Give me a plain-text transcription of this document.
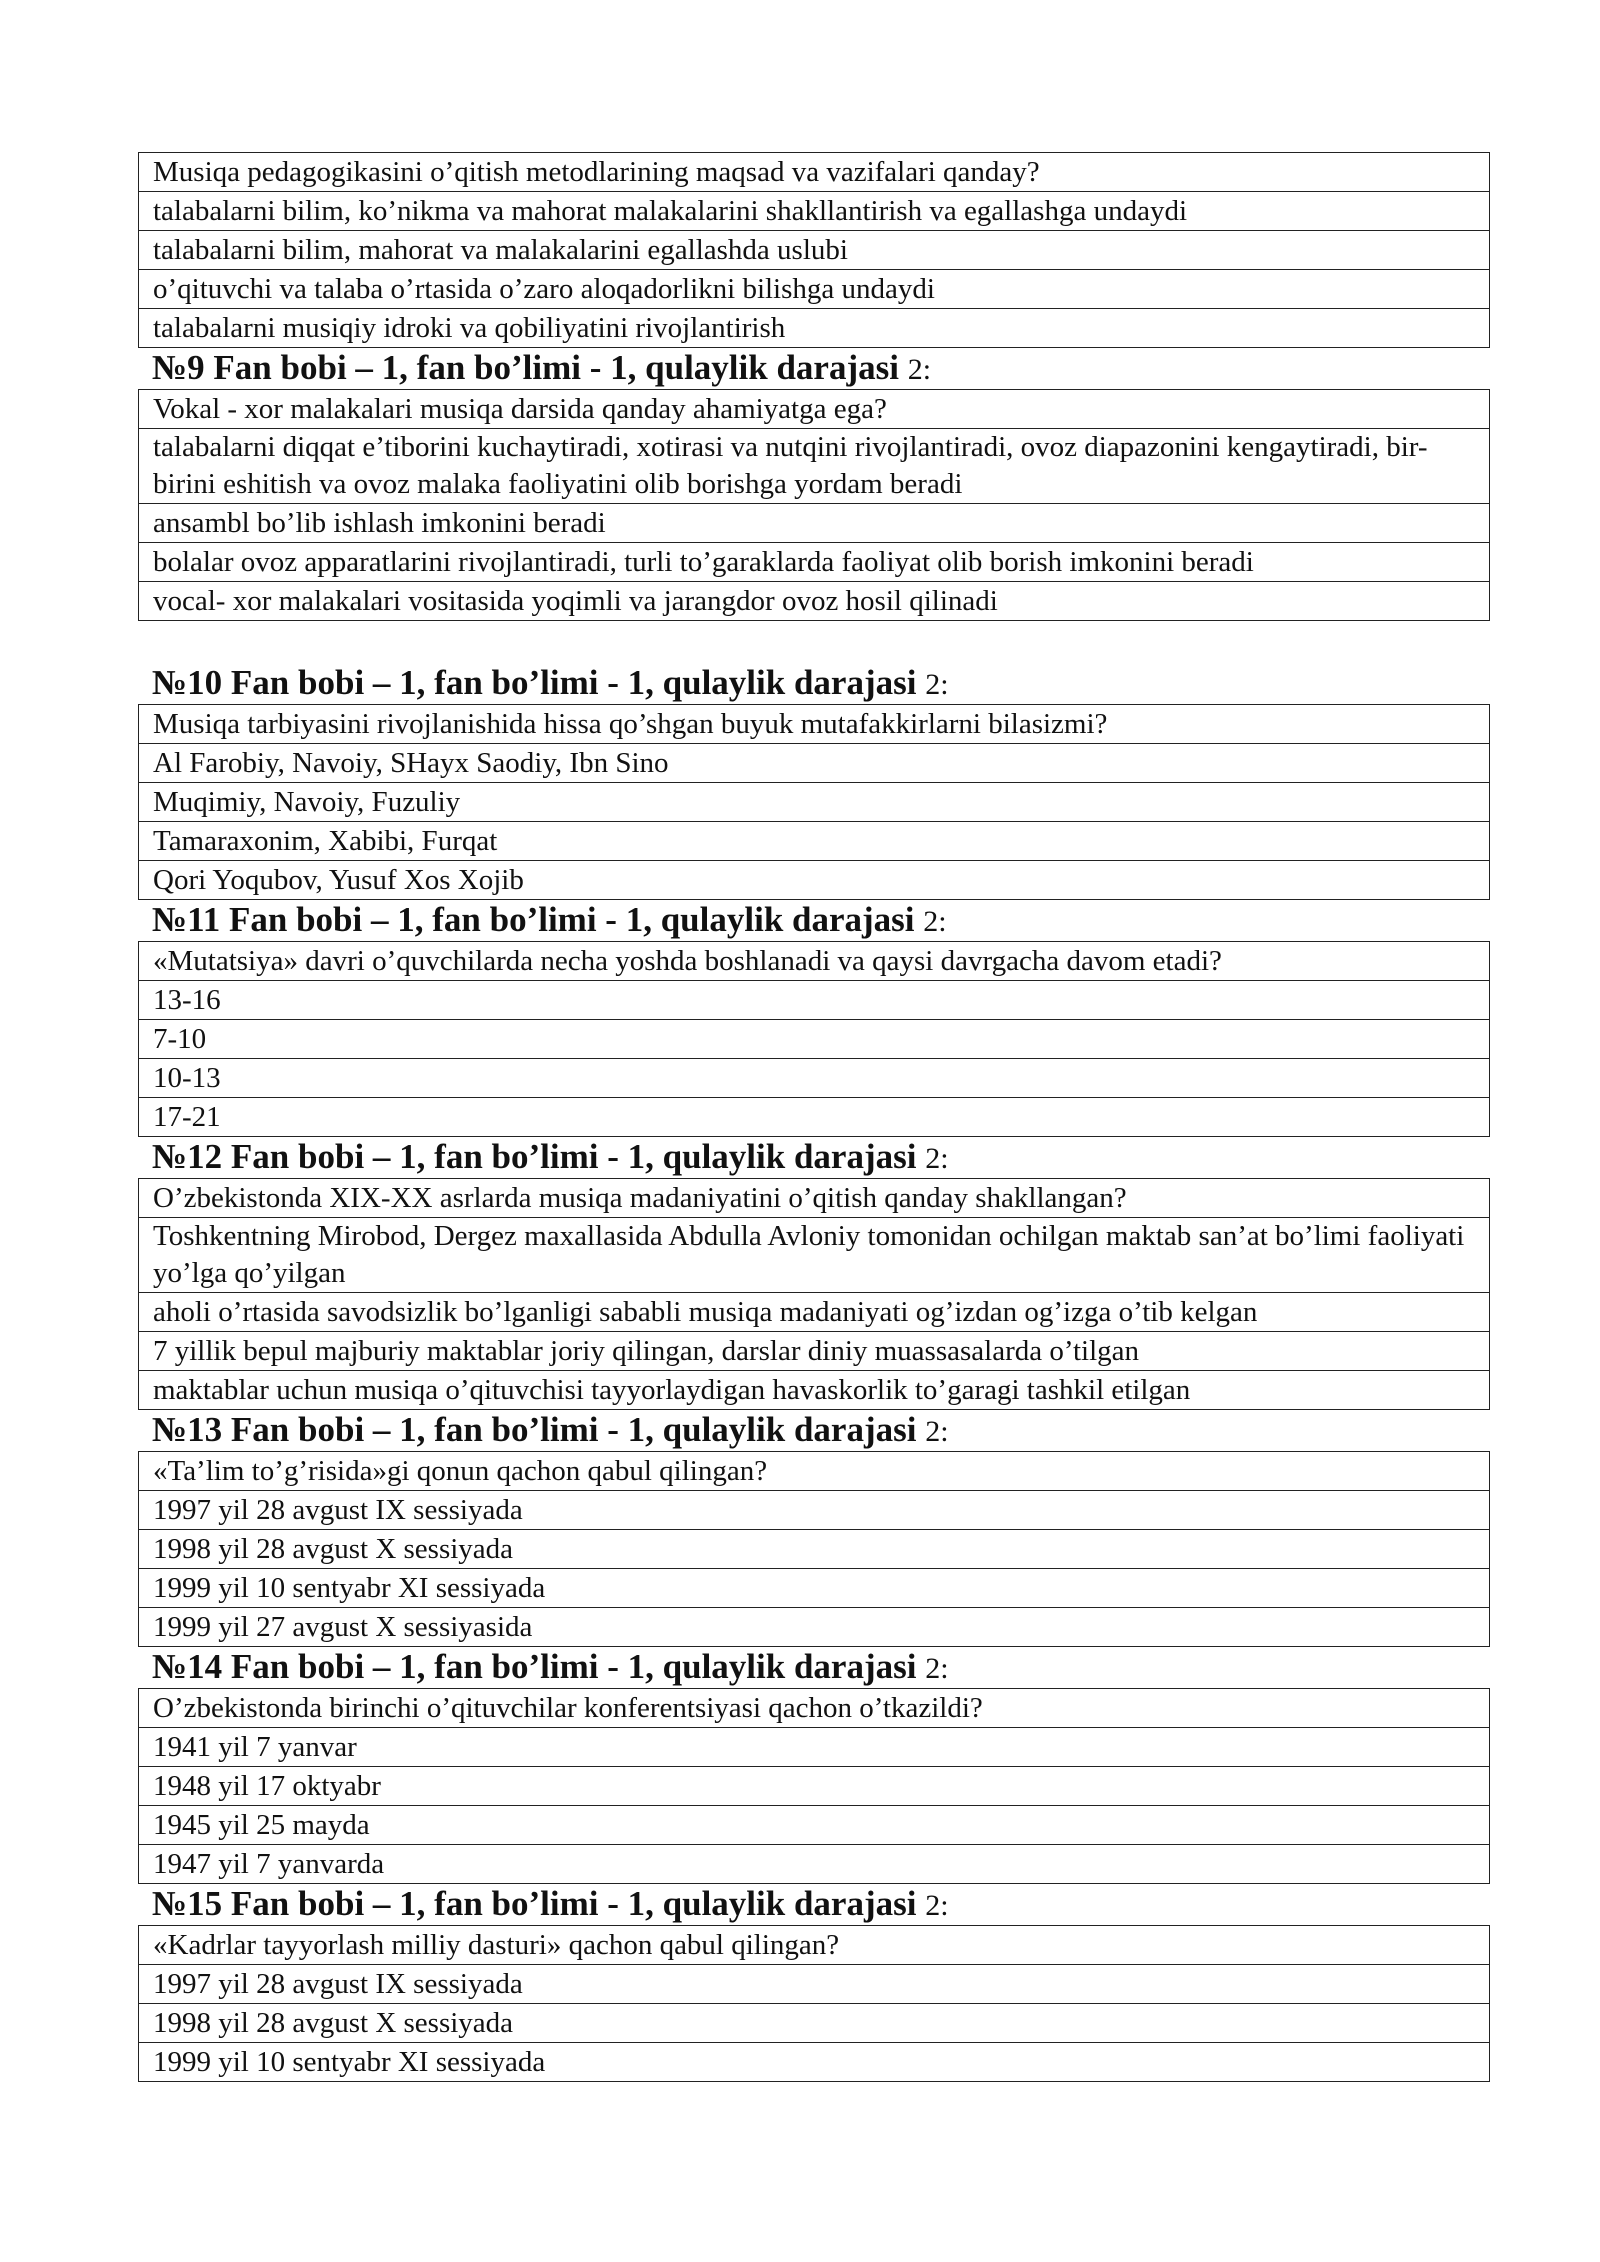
Musiqa pedagogikasini o’qitish metodlarining maqsad va vazifalari qanday?
talabalarni bilim, ko’nikma va mahorat malakalarini shakllantirish va egallashga undaydi
talabalarni bilim, mahorat va malakalarini egallashda uslubi
o’qituvchi va talaba o’rtasida o’zaro aloqadorlikni bilishga undaydi
talabalarni musiqiy idroki va qobiliyatini rivojlantirish
№9 Fan bobi – 1, fan bo’limi - 1, qulaylik darajasi 2:
Vokal - xor malakalari musiqa darsida qanday ahamiyatga ega?
talabalarni diqqat e’tiborini kuchaytiradi, xotirasi va nutqini rivojlantiradi, ovoz diapazonini kengaytiradi, bir-birini eshitish va ovoz malaka faoliyatini olib borishga yordam beradi
ansambl bo’lib ishlash imkonini beradi
bolalar ovoz apparatlarini rivojlantiradi, turli to’garaklarda faoliyat olib borish imkonini beradi
vocal- xor malakalari vositasida yoqimli va jarangdor ovoz hosil qilinadi
№10 Fan bobi – 1, fan bo’limi - 1, qulaylik darajasi 2:
Musiqa tarbiyasini rivojlanishida hissa qo’shgan buyuk mutafakkirlarni bilasizmi?
Al Farobiy, Navoiy, SHayx Saodiy, Ibn Sino
Muqimiy, Navoiy, Fuzuliy
Tamaraxonim, Xabibi, Furqat
Qori Yoqubov, Yusuf Xos Xojib
№11 Fan bobi – 1, fan bo’limi - 1, qulaylik darajasi 2:
«Mutatsiya» davri o’quvchilarda necha yoshda boshlanadi va qaysi davrgacha davom etadi?
13-16
7-10
10-13
17-21
№12 Fan bobi – 1, fan bo’limi - 1, qulaylik darajasi 2:
O’zbekistonda XIX-XX asrlarda musiqa madaniyatini o’qitish qanday shakllangan?
Toshkentning Mirobod, Dergez maxallasida Abdulla Avloniy tomonidan ochilgan maktab san’at bo’limi faoliyati yo’lga qo’yilgan
aholi o’rtasida savodsizlik bo’lganligi sababli musiqa madaniyati og’izdan og’izga o’tib kelgan
7 yillik bepul majburiy maktablar joriy qilingan, darslar diniy muassasalarda o’tilgan
maktablar uchun musiqa o’qituvchisi tayyorlaydigan havaskorlik to’garagi tashkil etilgan
№13 Fan bobi – 1, fan bo’limi - 1, qulaylik darajasi 2:
«Ta’lim to’g’risida»gi qonun qachon qabul qilingan?
1997 yil 28 avgust IX sessiyada
1998 yil 28 avgust X sessiyada
1999 yil 10 sentyabr XI sessiyada
1999 yil 27 avgust X sessiyasida
№14 Fan bobi – 1, fan bo’limi - 1, qulaylik darajasi 2:
O’zbekistonda birinchi o’qituvchilar konferentsiyasi qachon o’tkazildi?
1941 yil 7 yanvar
1948 yil 17 oktyabr
1945 yil 25 mayda
1947 yil 7 yanvarda
№15 Fan bobi – 1, fan bo’limi - 1, qulaylik darajasi 2:
«Kadrlar tayyorlash milliy dasturi» qachon qabul qilingan?
1997 yil 28 avgust IX sessiyada
1998 yil 28 avgust X sessiyada
1999 yil 10 sentyabr XI sessiyada
